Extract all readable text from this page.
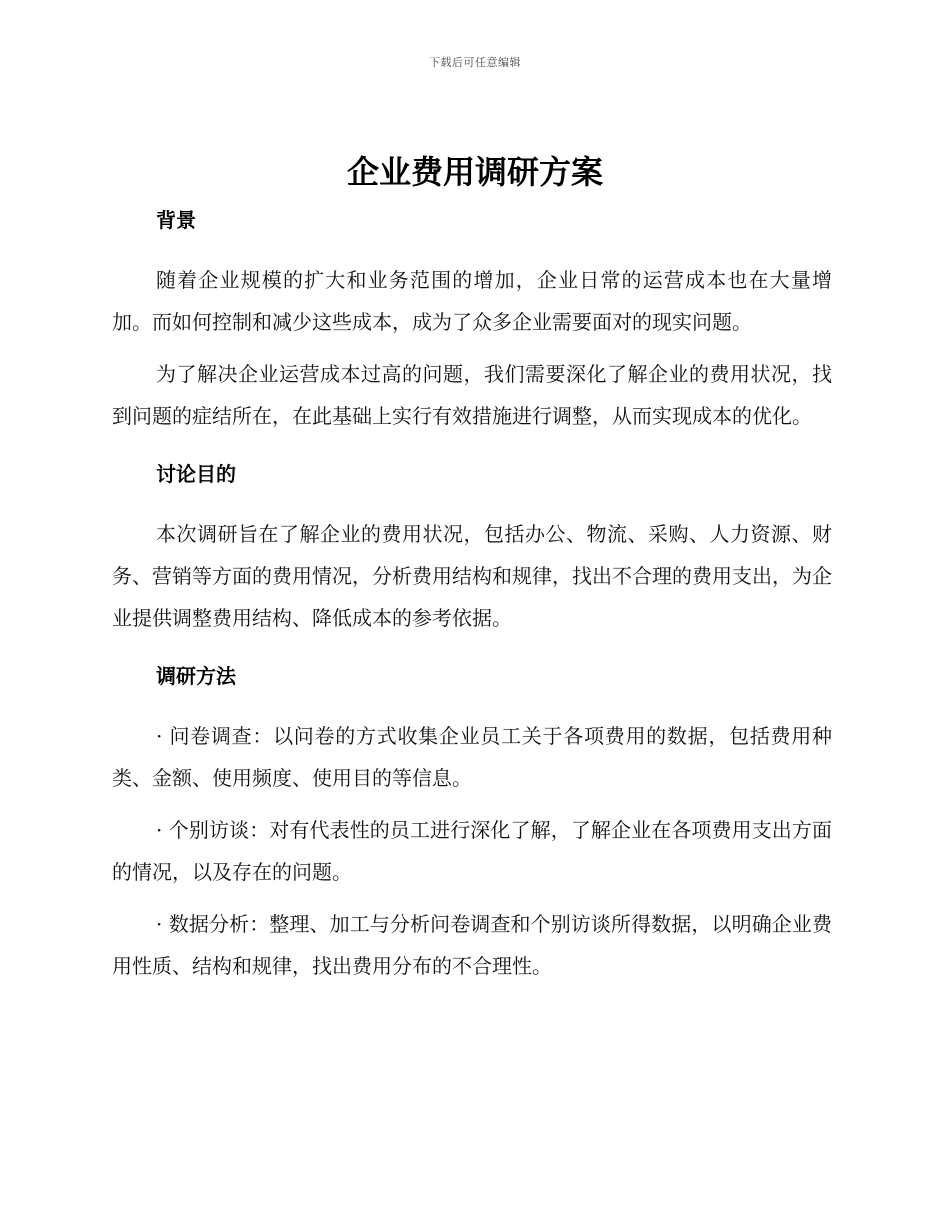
下载后可任意编辑
企业费用调研方案
背景

随着企业规模的扩大和业务范围的增加，企业日常的运营成本也在大量增加。而如何控制和减少这些成本，成为了众多企业需要面对的现实问题。

为了解决企业运营成本过高的问题，我们需要深化了解企业的费用状况，找到问题的症结所在，在此基础上实行有效措施进行调整，从而实现成本的优化。

讨论目的

本次调研旨在了解企业的费用状况，包括办公、物流、采购、人力资源、财务、营销等方面的费用情况，分析费用结构和规律，找出不合理的费用支出，为企业提供调整费用结构、降低成本的参考依据。

调研方法

· 问卷调查：以问卷的方式收集企业员工关于各项费用的数据，包括费用种类、金额、使用频度、使用目的等信息。

· 个别访谈：对有代表性的员工进行深化了解，了解企业在各项费用支出方面的情况，以及存在的问题。

· 数据分析：整理、加工与分析问卷调查和个别访谈所得数据，以明确企业费用性质、结构和规律，找出费用分布的不合理性。
